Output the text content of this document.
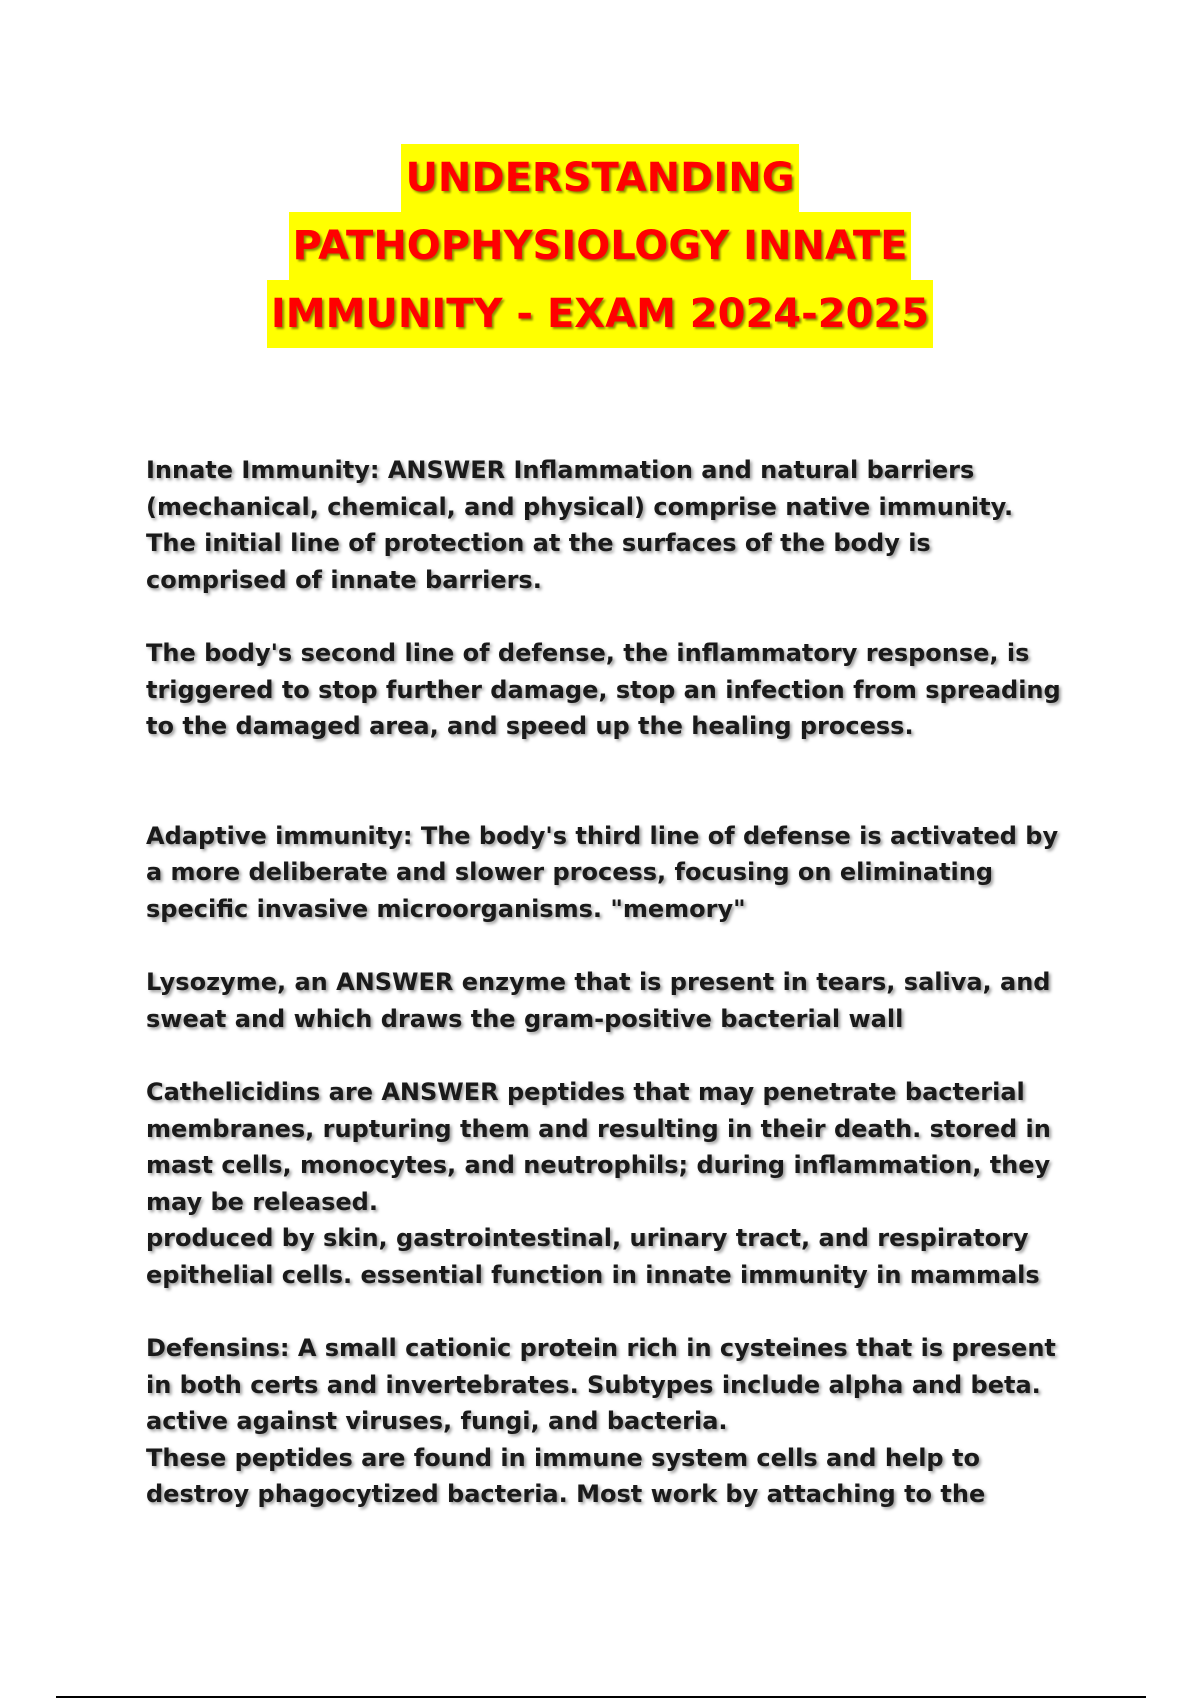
UNDERSTANDING
PATHOPHYSIOLOGY INNATE
IMMUNITY - EXAM 2024-2025

Innate Immunity: ANSWER Inflammation and natural barriers
(mechanical, chemical, and physical) comprise native immunity.
The initial line of protection at the surfaces of the body is
comprised of innate barriers.

The body's second line of defense, the inflammatory response, is
triggered to stop further damage, stop an infection from spreading
to the damaged area, and speed up the healing process.

Adaptive immunity: The body's third line of defense is activated by
a more deliberate and slower process, focusing on eliminating
specific invasive microorganisms. "memory"

Lysozyme, an ANSWER enzyme that is present in tears, saliva, and
sweat and which draws the gram-positive bacterial wall

Cathelicidins are ANSWER peptides that may penetrate bacterial
membranes, rupturing them and resulting in their death. stored in
mast cells, monocytes, and neutrophils; during inflammation, they
may be released.
produced by skin, gastrointestinal, urinary tract, and respiratory
epithelial cells. essential function in innate immunity in mammals

Defensins: A small cationic protein rich in cysteines that is present
in both certs and invertebrates. Subtypes include alpha and beta.
active against viruses, fungi, and bacteria.
These peptides are found in immune system cells and help to
destroy phagocytized bacteria. Most work by attaching to the
